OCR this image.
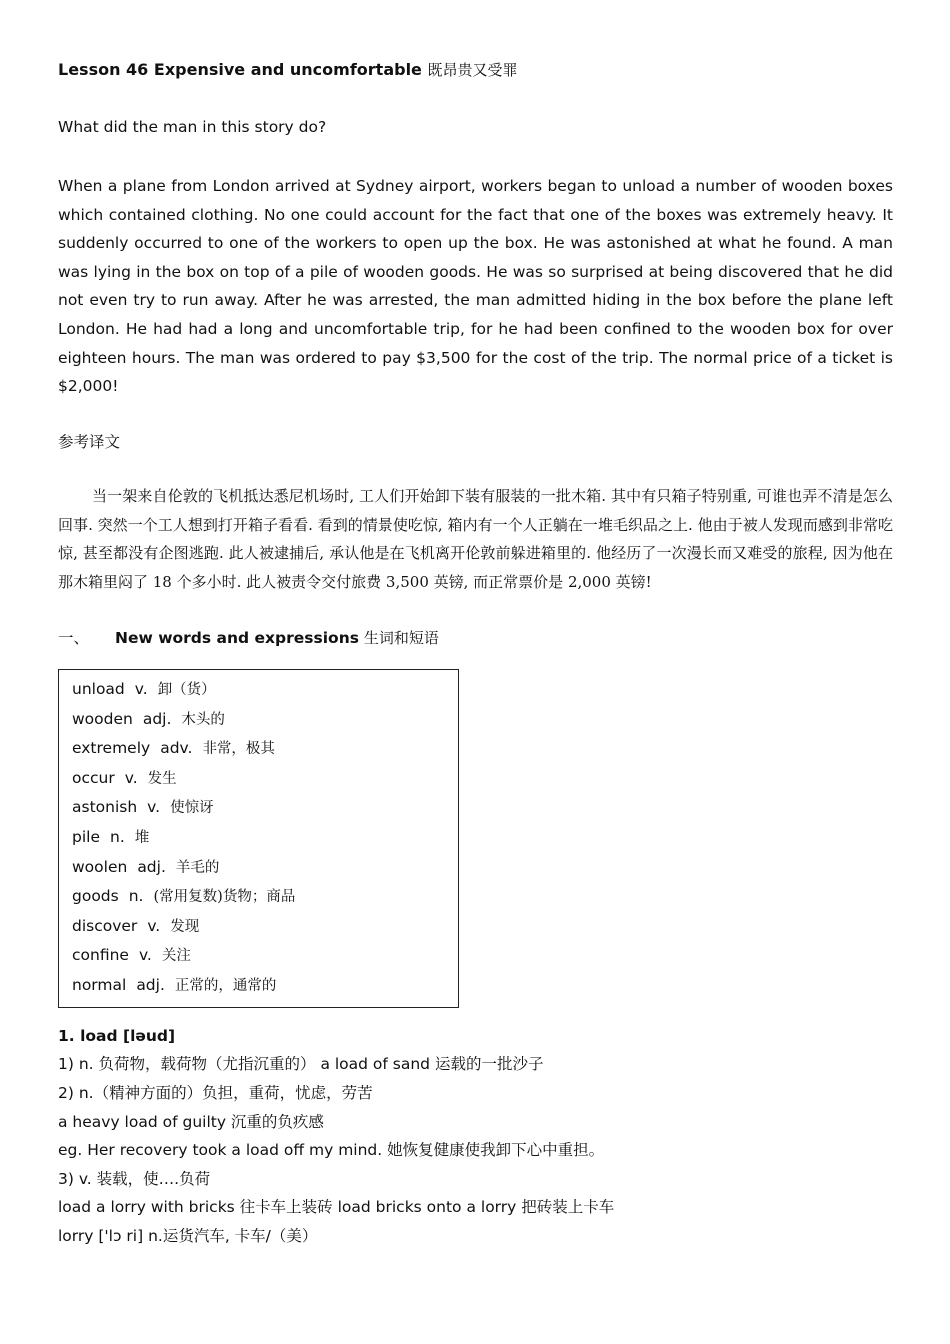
Lesson 46 Expensive and uncomfortable 既昂贵又受罪
What did the man in this story do?
When a plane from London arrived at Sydney airport, workers began to unload a number of wooden boxes which contained clothing. No one could account for the fact that one of the boxes was extremely heavy. It suddenly occurred to one of the workers to open up the box. He was astonished at what he found. A man was lying in the box on top of a pile of wooden goods. He was so surprised at being discovered that he did not even try to run away. After he was arrested, the man admitted hiding in the box before the plane left London. He had had a long and uncomfortable trip, for he had been confined to the wooden box for over eighteen hours. The man was ordered to pay $3,500 for the cost of the trip. The normal price of a ticket is $2,000!
参考译文
当一架来自伦敦的飞机抵达悉尼机场时, 工人们开始卸下装有服装的一批木箱. 其中有只箱子特别重, 可谁也弄不清是怎么回事. 突然一个工人想到打开箱子看看. 看到的情景使吃惊, 箱内有一个人正躺在一堆毛织品之上. 他由于被人发现而感到非常吃惊, 甚至都没有企图逃跑. 此人被逮捕后, 承认他是在飞机离开伦敦前躲进箱里的. 他经历了一次漫长而又难受的旅程, 因为他在那木箱里闷了 18 个多小时. 此人被责令交付旅费 3,500 英镑, 而正常票价是 2,000 英镑!
一、 New words and expressions 生词和短语
unload v. 卸（货）
wooden adj. 木头的
extremely adv. 非常，极其
occur v. 发生
astonish v. 使惊讶
pile n. 堆
woolen adj. 羊毛的
goods n. (常用复数)货物；商品
discover v. 发现
confine v. 关注
normal adj. 正常的，通常的
1. load [ləud]
1) n. 负荷物，载荷物（尤指沉重的） a load of sand 运载的一批沙子
2) n.（精神方面的）负担，重荷，忧虑，劳苦
a heavy load of guilty 沉重的负疚感
eg. Her recovery took a load off my mind. 她恢复健康使我卸下心中重担。
3) v. 装载，使….负荷
load a lorry with bricks 往卡车上装砖 load bricks onto a lorry 把砖装上卡车
lorry ['lɔ ri] n.运货汽车, 卡车/（美）
